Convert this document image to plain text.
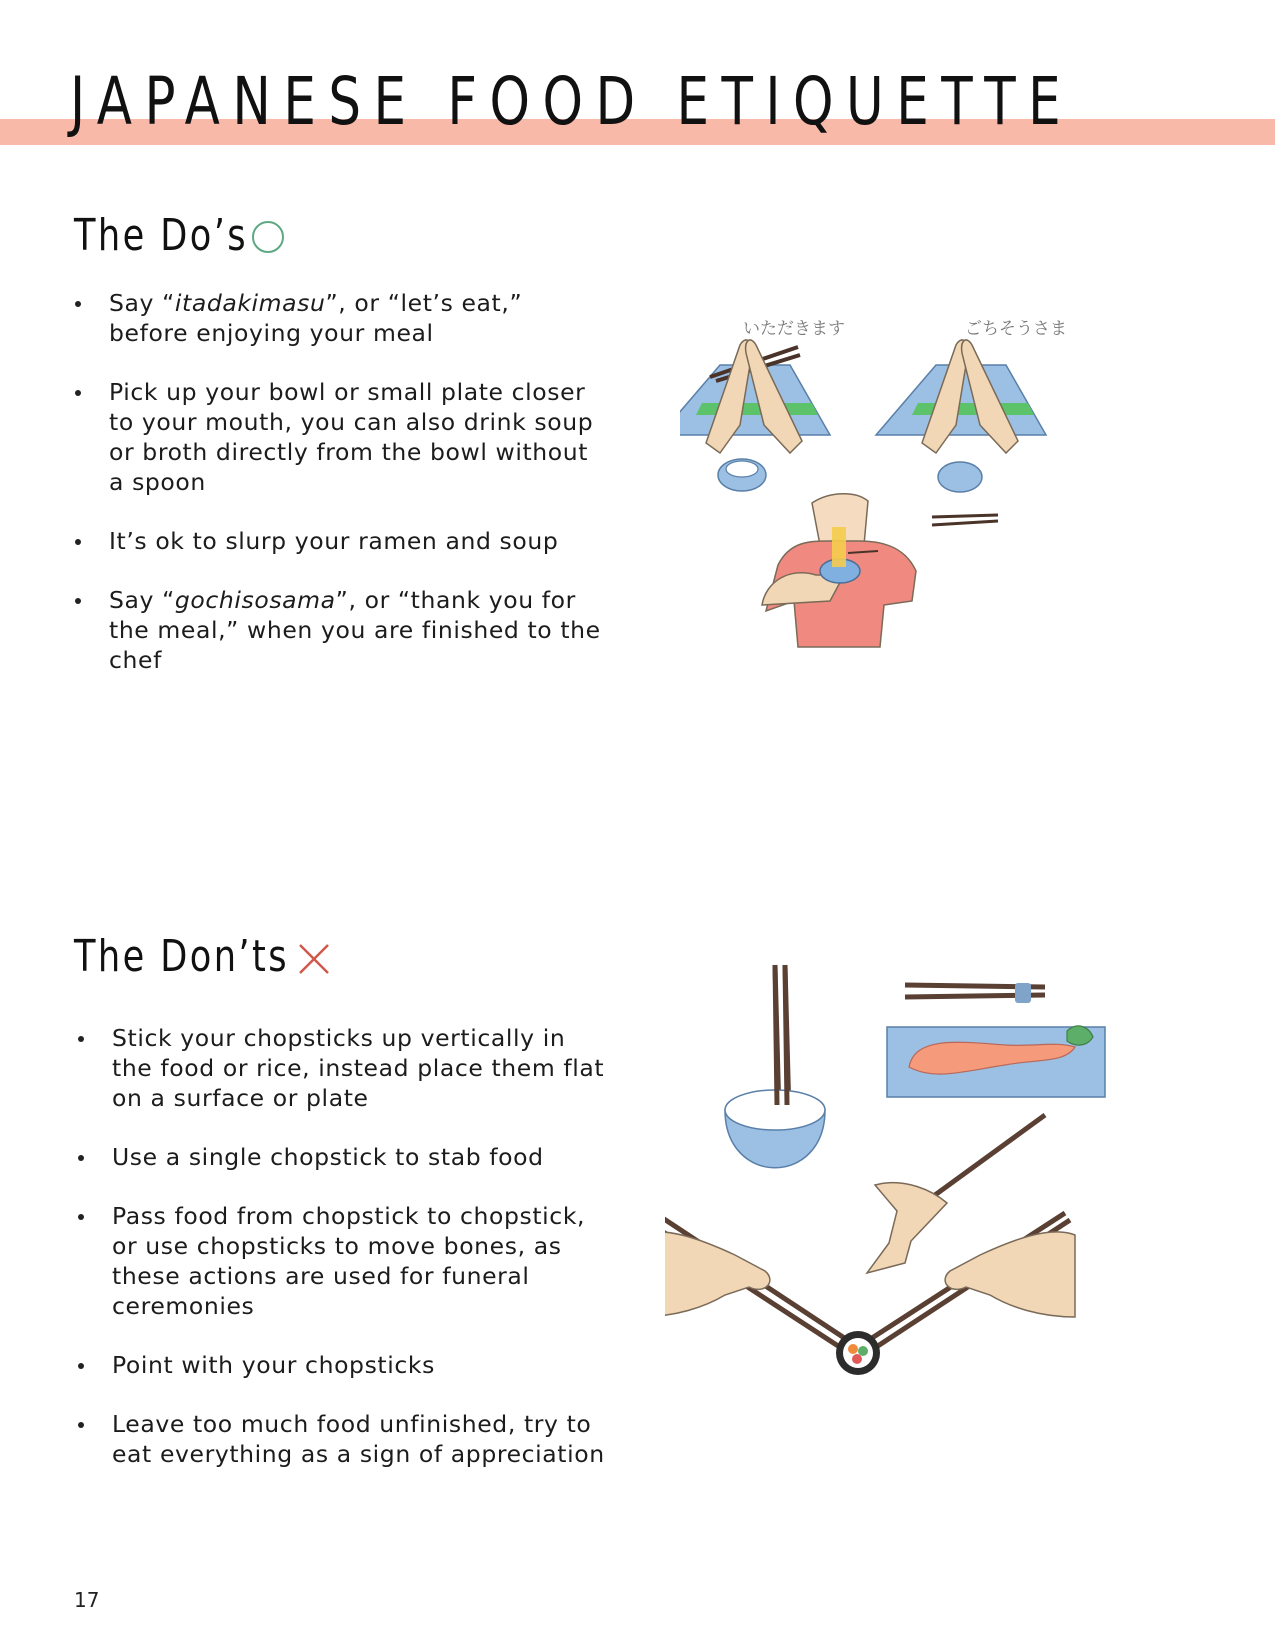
JAPANESE FOOD ETIQUETTE
The Do’s
Say “itadakimasu”, or “let’s eat,” before enjoying your meal
Pick up your bowl or small plate closer to your mouth, you can also drink soup or broth directly from the bowl without a spoon
It’s ok to slurp your ramen and soup
Say “gochisosama”, or “thank you for the meal,” when you are finished to the chef
いただきます	ごちそうさま
The Don’ts
Stick your chopsticks up vertically in the food or rice, instead place them flat on a surface or plate
Use a single chopstick to stab food
Pass food from chopstick to chopstick, or use chopsticks to move bones, as these actions are used for funeral ceremonies
Point with your chopsticks
Leave too much food unfinished, try to eat everything as a sign of appreciation
17
